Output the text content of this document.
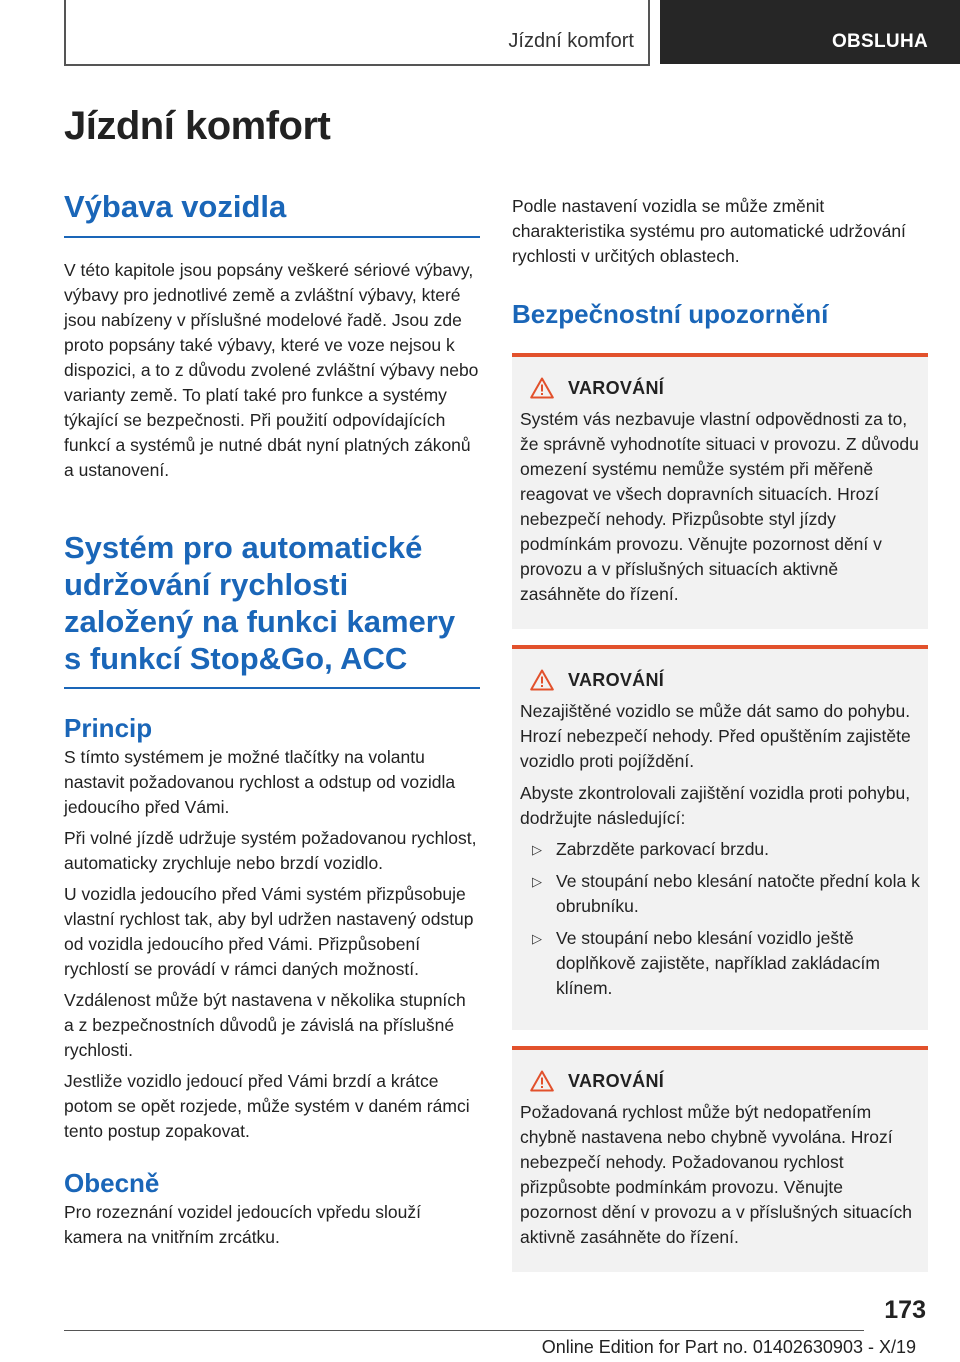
Jízdní komfort	OBSLUHA
Jízdní komfort
Výbava vozidla

V této kapitole jsou popsány veškeré sériové výbavy, výbavy pro jednotlivé země a zvláštní výbavy, které jsou nabízeny v příslušné modelové řadě. Jsou zde proto popsány také výbavy, které ve voze nejsou k dispozici, a to z důvodu zvolené zvláštní výbavy nebo varianty země. To platí také pro funkce a systémy týkající se bezpečnosti. Při použití odpovídajících funkcí a systémů je nutné dbát nyní platných zákonů a ustanovení.

Systém pro automatické udržování rychlosti založený na funkci kamery s funkcí Stop&Go, ACC
Princip

S tímto systémem je možné tlačítky na volantu nastavit požadovanou rychlost a odstup od vozidla jedoucího před Vámi.

Při volné jízdě udržuje systém požadovanou rychlost, automaticky zrychluje nebo brzdí vozidlo.

U vozidla jedoucího před Vámi systém přizpůsobuje vlastní rychlost tak, aby byl udržen nastavený odstup od vozidla jedoucího před Vámi. Přizpůsobení rychlostí se provádí v rámci daných možností.

Vzdálenost může být nastavena v několika stupních a z bezpečnostních důvodů je závislá na příslušné rychlosti.

Jestliže vozidlo jedoucí před Vámi brzdí a krátce potom se opět rozjede, může systém v daném rámci tento postup zopakovat.

Obecně

Pro rozeznání vozidel jedoucích vpředu slouží kamera na vnitřním zrcátku.

Podle nastavení vozidla se může změnit charakteristika systému pro automatické udržování rychlosti v určitých oblastech.

Bezpečnostní upozornění
VAROVÁNÍ

Systém vás nezbavuje vlastní odpovědnosti za to, že správně vyhodnotíte situaci v provozu. Z důvodu omezení systému nemůže systém při měřeně reagovat ve všech dopravních situacích. Hrozí nebezpečí nehody. Přizpůsobte styl jízdy podmínkám provozu. Věnujte pozornost dění v provozu a v příslušných situacích aktivně zasáhněte do řízení.

VAROVÁNÍ

Nezajištěné vozidlo se může dát samo do pohybu. Hrozí nebezpečí nehody. Před opuštěním zajistěte vozidlo proti pojíždění.

Abyste zkontrolovali zajištění vozidla proti pohybu, dodržujte následující:

▷ Zabrzděte parkovací brzdu.
▷ Ve stoupání nebo klesání natočte přední kola k obrubníku.
▷ Ve stoupání nebo klesání vozidlo ještě doplňkově zajistěte, například zakládacím klínem.
VAROVÁNÍ

Požadovaná rychlost může být nedopatřením chybně nastavena nebo chybně vyvolána. Hrozí nebezpečí nehody. Požadovanou rychlost přizpůsobte podmínkám provozu. Věnujte pozornost dění v provozu a v příslušných situacích aktivně zasáhněte do řízení.

173
Online Edition for Part no. 01402630903 - X/19
